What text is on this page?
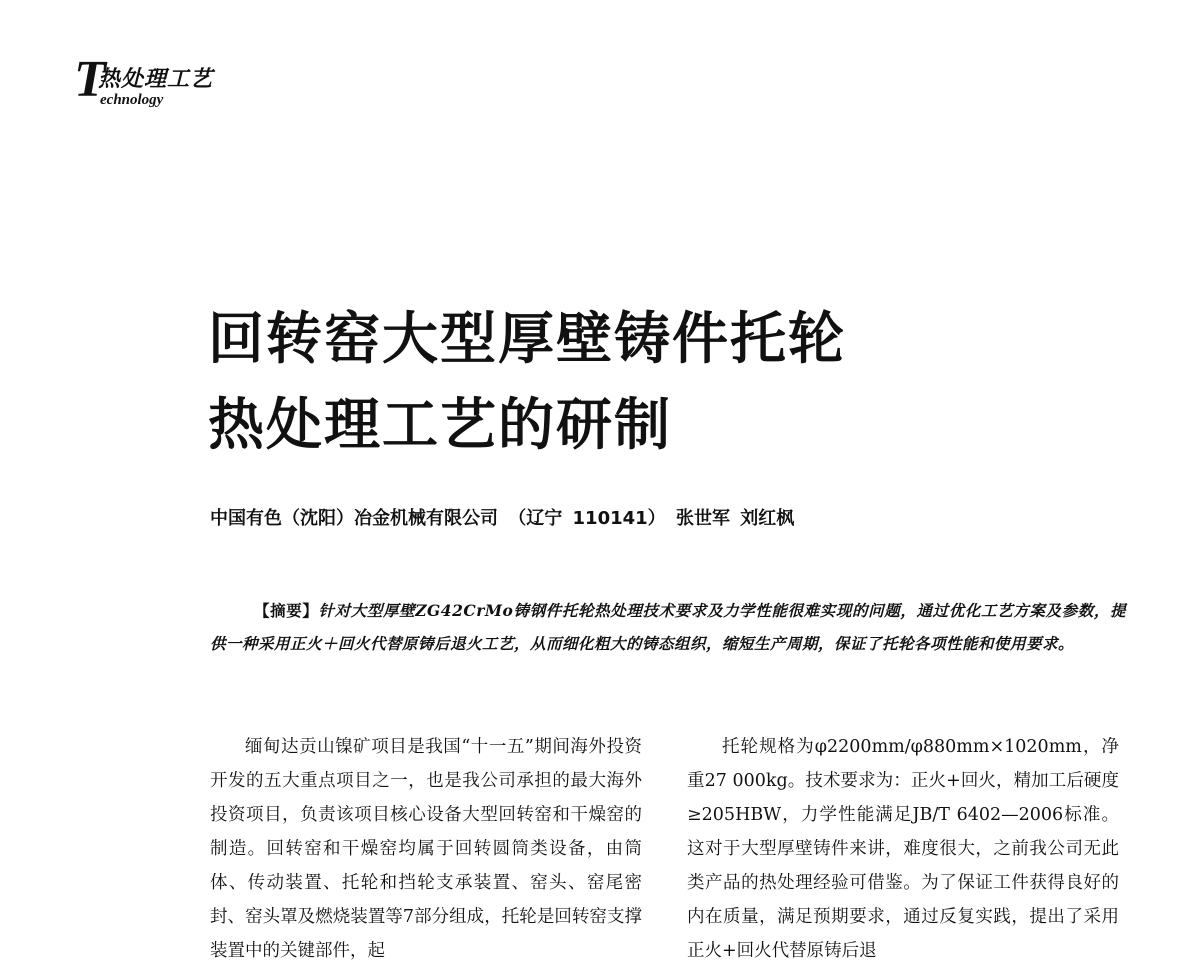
T
热处理工艺
echnology
回转窑大型厚壁铸件托轮
热处理工艺的研制
中国有色（沈阳）冶金机械有限公司 （辽宁 110141） 张世军 刘红枫
【摘要】针对大型厚壁ZG42CrMo铸钢件托轮热处理技术要求及力学性能很难实现的问题，通过优化工艺方案及参数，提供一种采用正火＋回火代替原铸后退火工艺，从而细化粗大的铸态组织，缩短生产周期，保证了托轮各项性能和使用要求。
缅甸达贡山镍矿项目是我国“十一五”期间海外投资开发的五大重点项目之一，也是我公司承担的最大海外投资项目，负责该项目核心设备大型回转窑和干燥窑的制造。回转窑和干燥窑均属于回转圆筒类设备，由筒体、传动装置、托轮和挡轮支承装置、窑头、窑尾密封、窑头罩及燃烧装置等7部分组成，托轮是回转窑支撑装置中的关键部件，起
托轮规格为φ2200mm/φ880mm×1020mm，净重27 000kg。技术要求为：正火+回火，精加工后硬度≥205HBW，力学性能满足JB/T 6402—2006标准。这对于大型厚壁铸件来讲，难度很大，之前我公司无此类产品的热处理经验可借鉴。为了保证工件获得良好的内在质量，满足预期要求，通过反复实践，提出了采用正火+回火代替原铸后退
